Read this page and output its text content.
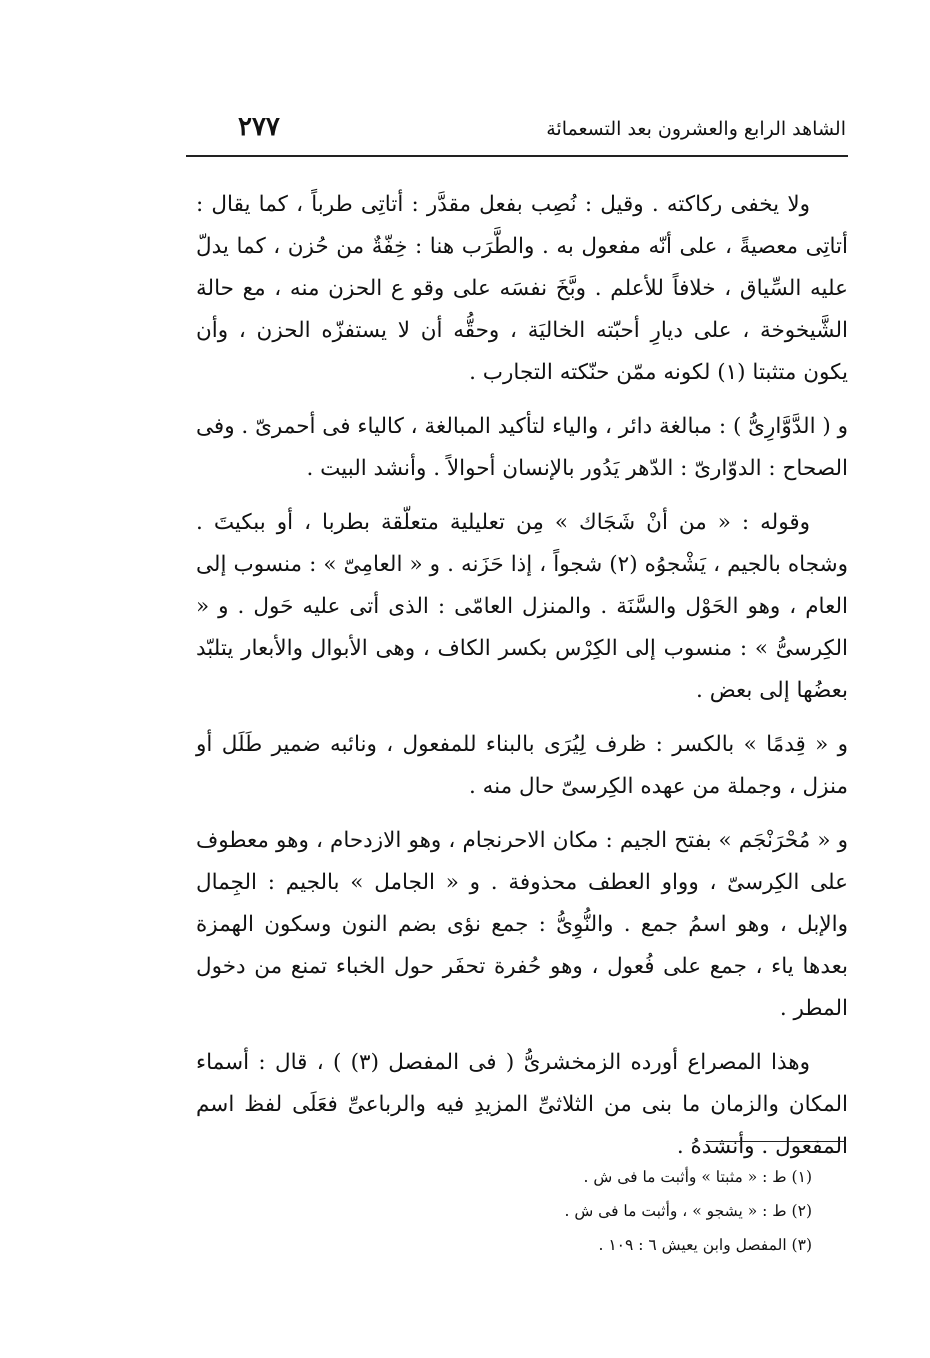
الشاهد الرابع والعشرون بعد التسعمائة
٢٧٧

ولا يخفى ركاكته . وقيل : نُصِب بفعل مقدَّر : أتاتِى طرباً ، كما يقال : أتاتِى معصيةً ، على أنّه مفعول به . والطَّرَب هنا : خِفّةٌ من حُزن ، كما يدلّ عليه السِّياق ، خلافاً للأعلم . وبَّخَ نفسَه على وقو ع الحزن منه ، مع حالة الشَّيخوخة ، على ديارِ أحبّته الخاليَة ، وحقُّه أن لا يستفزّه الحزن ، وأن يكون متثبتا (١) لكونه ممّن حنّكته التجارب .

و ( الدَّوَّارِىُّ ) : مبالغة دائر ، والياء لتأكيد المبالغة ، كالياء فى أحمرىّ . وفى الصحاح : الدوّارىّ : الدّهر يَدُور بالإنسان أحوالاً . وأنشد البيت .

وقوله : « من أنْ شَجَاك » مِن تعليلية متعلّقة بطربا ، أو ببكيتَ . وشجاه بالجيم ، يَشْجوُه (٢) شجواً ، إذا حَزَنه . و « العامِىّ » : منسوب إلى العام ، وهو الحَوْل والسَّنَة . والمنزل العامّى : الذى أتى عليه حَول . و « الكِرسىُّ » : منسوب إلى الكِرْس بكسر الكاف ، وهى الأبوال والأبعار يتلبّد بعضُها إلى بعض .

و « قِدمًا » بالكسر : ظرف لِيُرَى بالبناء للمفعول ، ونائبه ضمير طَلَل أو منزل ، وجملة من عهده الكِرسىّ حال منه .

و « مُحْرَنْجَم » بفتح الجيم : مكان الاحرنجام ، وهو الازدحام ، وهو معطوف على الكِرسىّ ، وواو العطف محذوفة . و « الجامل » بالجيم : الجِمال والإبل ، وهو اسمُ جمع . والنُّوِىُّ : جمع نؤى بضم النون وسكون الهمزة بعدها ياء ، جمع على فُعول ، وهو حُفرة تحفَر حول الخباء تمنع من دخول المطر .

وهذا المصراع أورده الزمخشرىُّ ( فى المفصل (٣) ) ، قال : أسماء المكان والزمان ما بنى من الثلاثىِّ المزيدِ فيه والرباعىِّ فعَلَى لفظ اسم المفعول . وأنشدهُ .

(١) ط : « مثبتا » وأثبت ما فى ش .
(٢) ط : « يشجو » ، وأثبت ما فى ش .
(٣) المفصل وابن يعيش ٦ : ١٠٩ .
